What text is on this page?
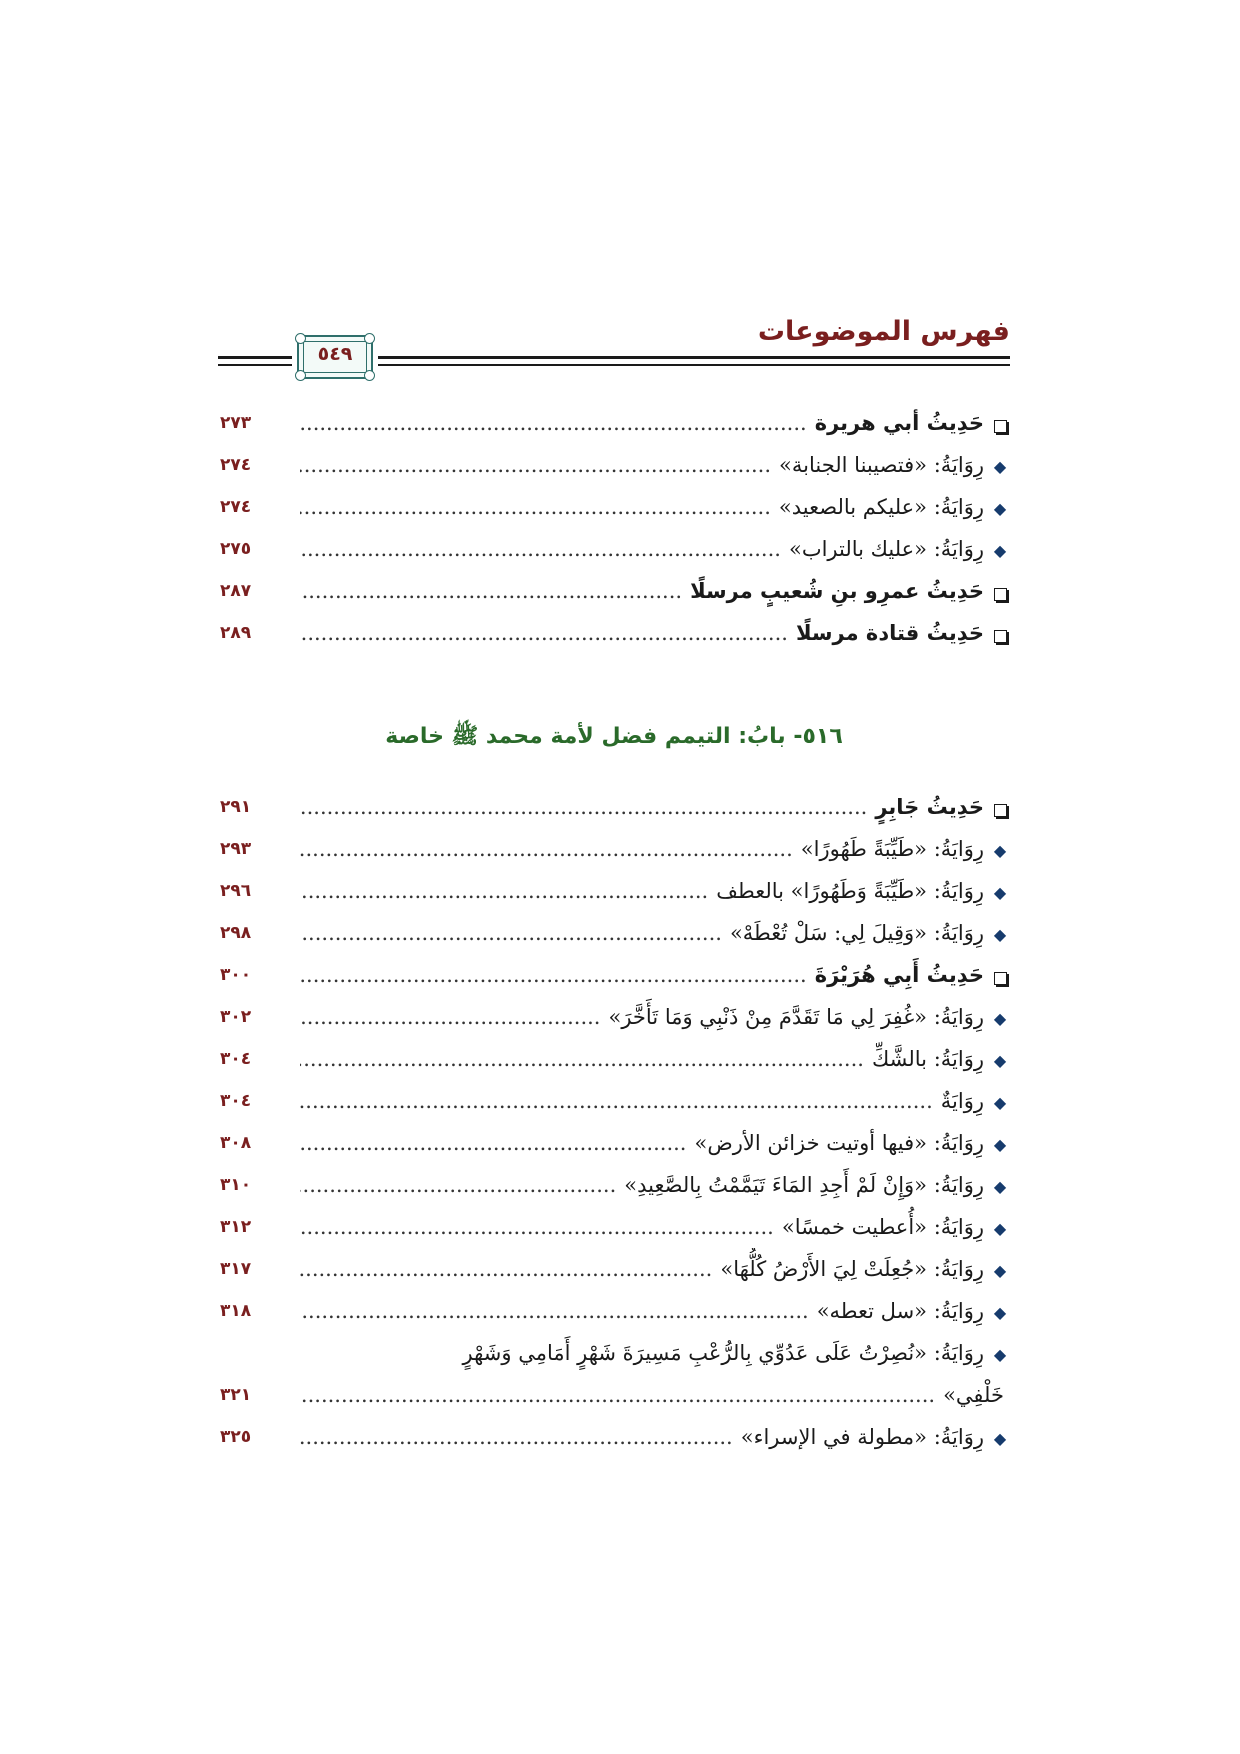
فهرس الموضوعات
٥٤٩
حَدِيثُ أبي هريرة .....
٢٧٣
◆رِوَايَةُ: «فتصيبنا الجنابة» .....
٢٧٤
◆رِوَايَةُ: «عليكم بالصعيد» .....
٢٧٤
◆رِوَايَةُ: «عليك بالتراب» .....
٢٧٥
حَدِيثُ عمرِو بنِ شُعيبٍ مرسلًا .....
٢٨٧
حَدِيثُ قتادة مرسلًا .....
٢٨٩
٥١٦- بابُ: التيمم فضل لأمة محمد ﷺ خاصة
حَدِيثُ جَابِرٍ .....
٢٩١
◆رِوَايَةُ: «طَيِّبَةً طَهُورًا» .....
٢٩٣
◆رِوَايَةُ: «طَيِّبَةً وَطَهُورًا» بالعطف .....
٢٩٦
◆رِوَايَةُ: «وَقِيلَ لِي: سَلْ تُعْطَهْ» .....
٢٩٨
حَدِيثُ أَبِي هُرَيْرَةَ .....
٣٠٠
◆رِوَايَةُ: «غُفِرَ لِي مَا تَقَدَّمَ مِنْ ذَنْبِي وَمَا تَأَخَّرَ» .....
٣٠٢
◆رِوَايَةُ: بالشَّكِّ .....
٣٠٤
◆رِوَايَةٌ .....
٣٠٤
◆رِوَايَةُ: «فيها أوتيت خزائن الأرض» .....
٣٠٨
◆رِوَايَةُ: «وَإِنْ لَمْ أَجِدِ المَاءَ تَيَمَّمْتُ بِالصَّعِيدِ» .....
٣١٠
◆رِوَايَةُ: «أُعطيت خمسًا» .....
٣١٢
◆رِوَايَةُ: «جُعِلَتْ لِيَ الأَرْضُ كُلُّهَا» .....
٣١٧
◆رِوَايَةُ: «سل تعطه» .....
٣١٨
◆رِوَايَةُ: «نُصِرْتُ عَلَى عَدُوِّي بِالرُّعْبِ مَسِيرَةَ شَهْرٍ أَمَامِي وَشَهْرٍ
خَلْفِي» .....
٣٢١
◆رِوَايَةُ: «مطولة في الإسراء» .....
٣٢٥
